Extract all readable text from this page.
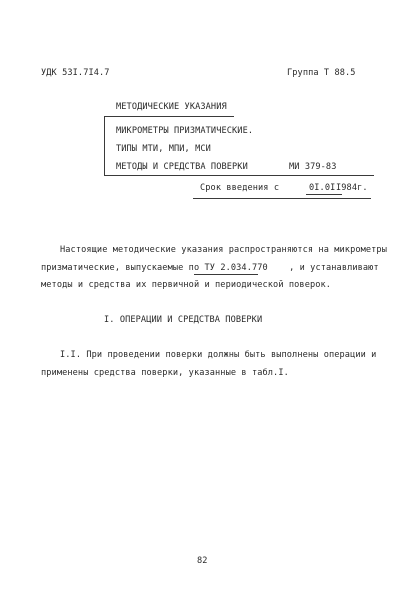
УДК 53I.7I4.7	Группа Т 88.5
МЕТОДИЧЕСКИЕ УКАЗАНИЯ
МИКРОМЕТРЫ ПРИЗМАТИЧЕСКИЕ.
ТИПЫ МТИ, МПИ, МСИ
МЕТОДЫ И СРЕДСТВА ПОВЕРКИ	МИ 379-83
Срок введения с	0I.0I I984г.
Настоящие методические указания распространяются на микрометры
призматические, выпускаемые по ТУ 2.034.770 , и устанавливают
методы и средства их первичной и периодической поверок.
I. ОПЕРАЦИИ И СРЕДСТВА ПОВЕРКИ
I.I. При проведении поверки должны быть выполнены операции и
применены средства поверки, указанные в табл.I.
82
